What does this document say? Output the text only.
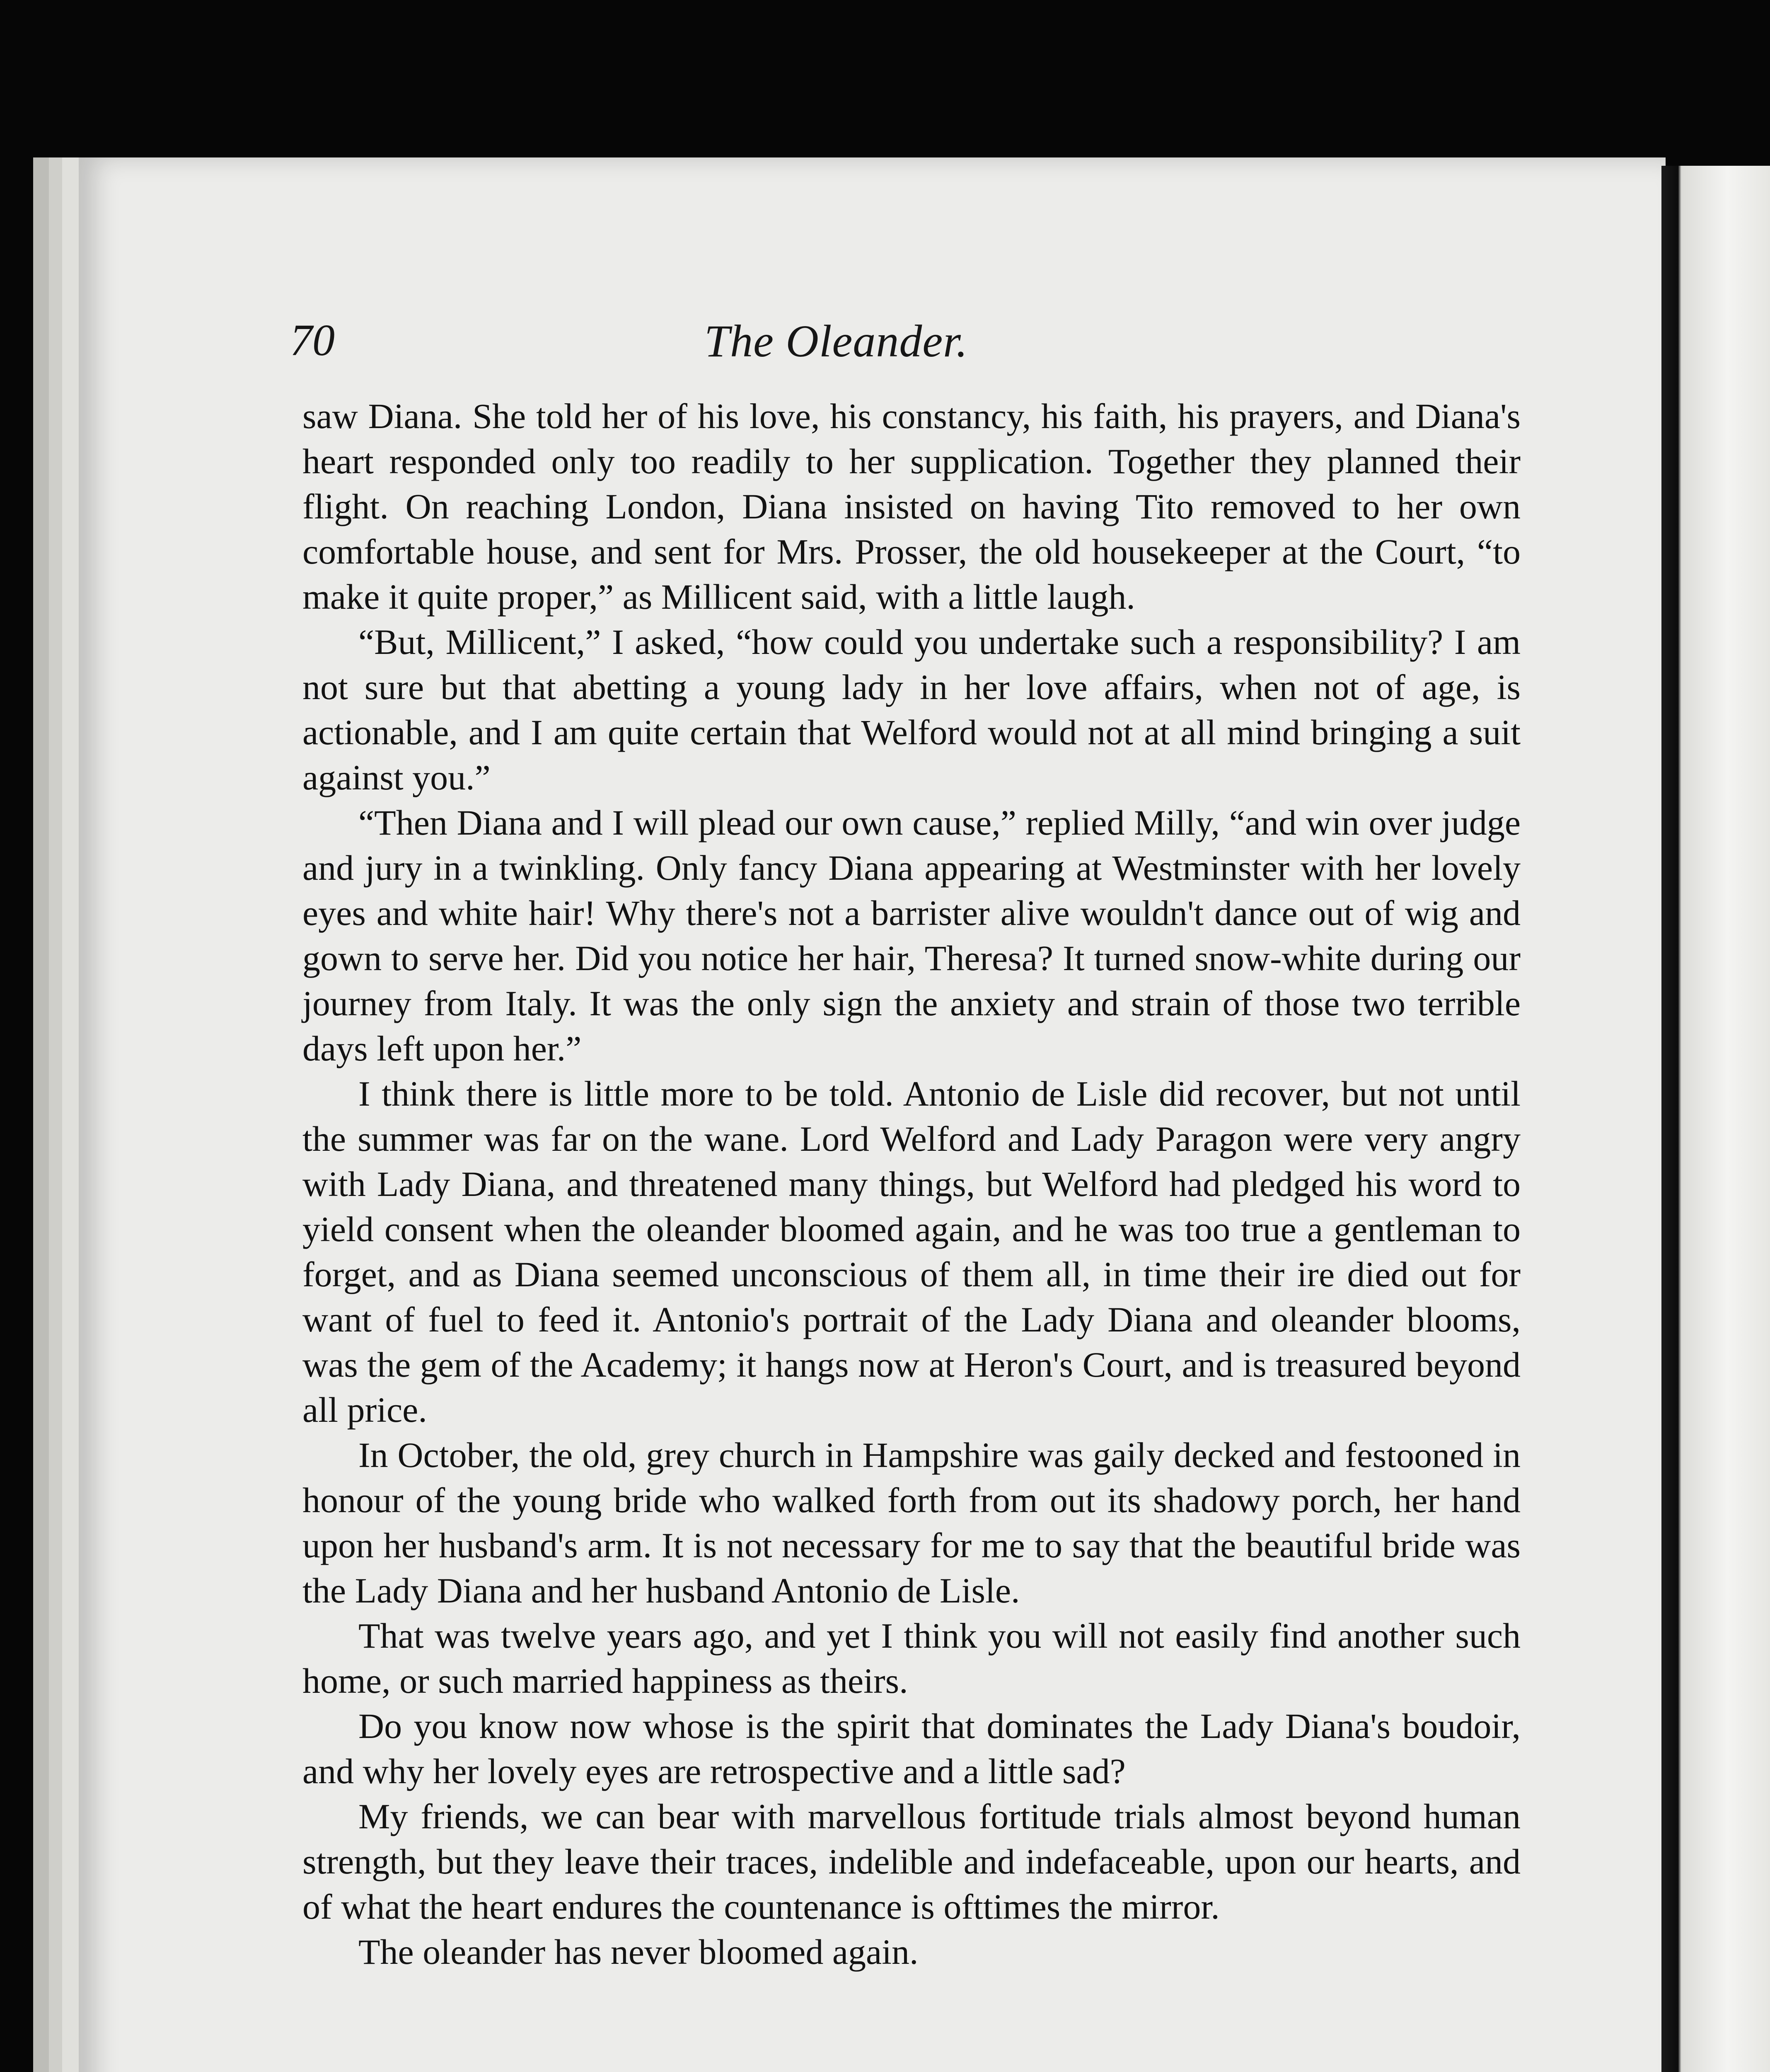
70	The Oleander.

saw Diana. She told her of his love, his constancy, his faith, his prayers, and Diana's heart responded only too readily to her supplication. Together they planned their flight. On reaching London, Diana insisted on having Tito removed to her own comfortable house, and sent for Mrs. Prosser, the old housekeeper at the Court, “to make it quite proper,” as Millicent said, with a little laugh.

“But, Millicent,” I asked, “how could you undertake such a responsibility? I am not sure but that abetting a young lady in her love affairs, when not of age, is actionable, and I am quite certain that Welford would not at all mind bringing a suit against you.”

“Then Diana and I will plead our own cause,” replied Milly, “and win over judge and jury in a twinkling. Only fancy Diana appearing at Westminster with her lovely eyes and white hair! Why there's not a barrister alive wouldn't dance out of wig and gown to serve her. Did you notice her hair, Theresa? It turned snow-white during our journey from Italy. It was the only sign the anxiety and strain of those two terrible days left upon her.”

I think there is little more to be told. Antonio de Lisle did recover, but not until the summer was far on the wane. Lord Welford and Lady Paragon were very angry with Lady Diana, and threatened many things, but Welford had pledged his word to yield consent when the oleander bloomed again, and he was too true a gentleman to forget, and as Diana seemed unconscious of them all, in time their ire died out for want of fuel to feed it. Antonio's portrait of the Lady Diana and oleander blooms, was the gem of the Academy; it hangs now at Heron's Court, and is treasured beyond all price.

In October, the old, grey church in Hampshire was gaily decked and festooned in honour of the young bride who walked forth from out its shadowy porch, her hand upon her husband's arm. It is not necessary for me to say that the beautiful bride was the Lady Diana and her husband Antonio de Lisle.

That was twelve years ago, and yet I think you will not easily find another such home, or such married happiness as theirs.

Do you know now whose is the spirit that dominates the Lady Diana's boudoir, and why her lovely eyes are retrospective and a little sad?

My friends, we can bear with marvellous fortitude trials almost beyond human strength, but they leave their traces, indelible and indefaceable, upon our hearts, and of what the heart endures the countenance is ofttimes the mirror.

The oleander has never bloomed again.
